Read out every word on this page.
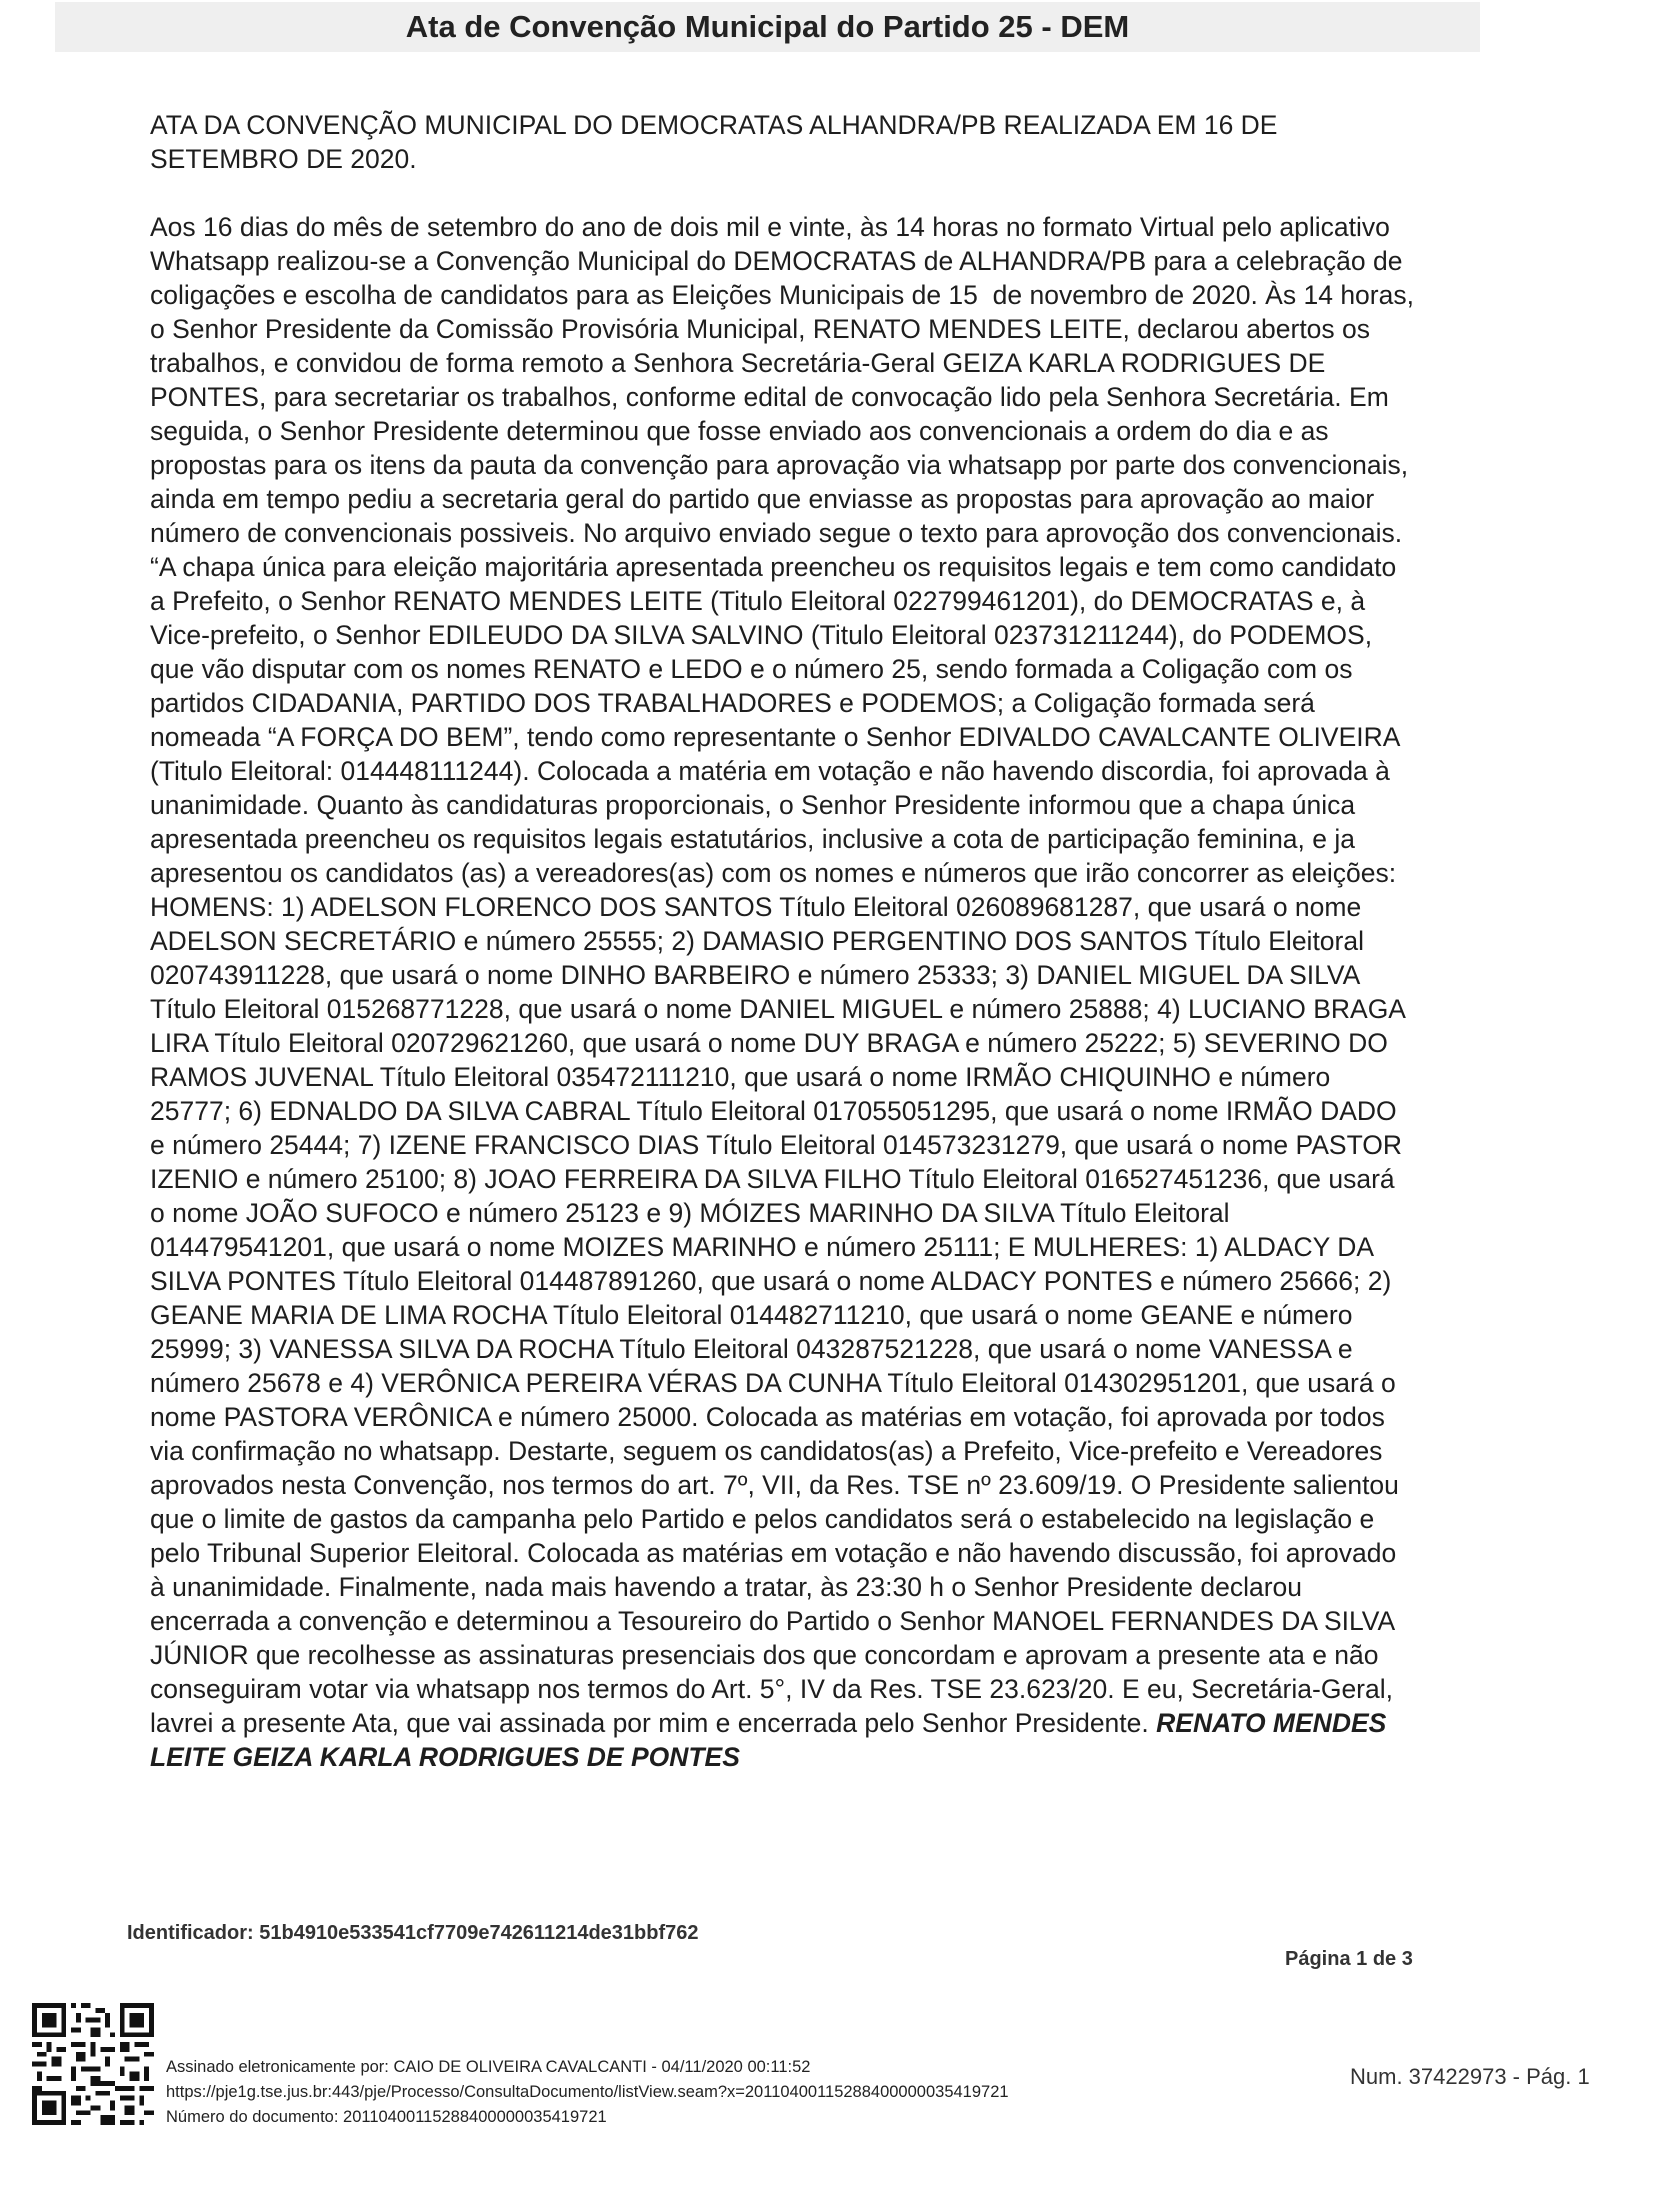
Ata de Convenção Municipal do Partido 25 - DEM

ATA DA CONVENÇÃO MUNICIPAL DO DEMOCRATAS ALHANDRA/PB REALIZADA EM 16 DE SETEMBRO DE 2020.

Aos 16 dias do mês de setembro do ano de dois mil e vinte, às 14 horas no formato Virtual pelo aplicativo Whatsapp realizou-se a Convenção Municipal do DEMOCRATAS de ALHANDRA/PB para a celebração de coligações e escolha de candidatos para as Eleições Municipais de 15  de novembro de 2020. Às 14 horas, o Senhor Presidente da Comissão Provisória Municipal, RENATO MENDES LEITE, declarou abertos os trabalhos, e convidou de forma remoto a Senhora Secretária-Geral GEIZA KARLA RODRIGUES DE PONTES, para secretariar os trabalhos, conforme edital de convocação lido pela Senhora Secretária. Em seguida, o Senhor Presidente determinou que fosse enviado aos convencionais a ordem do dia e as propostas para os itens da pauta da convenção para aprovação via whatsapp por parte dos convencionais, ainda em tempo pediu a secretaria geral do partido que enviasse as propostas para aprovação ao maior número de convencionais possiveis. No arquivo enviado segue o texto para aprovoção dos convencionais. “A chapa única para eleição majoritária apresentada preencheu os requisitos legais e tem como candidato a Prefeito, o Senhor RENATO MENDES LEITE (Titulo Eleitoral 022799461201), do DEMOCRATAS e, à Vice-prefeito, o Senhor EDILEUDO DA SILVA SALVINO (Titulo Eleitoral 023731211244), do PODEMOS, que vão disputar com os nomes RENATO e LEDO e o número 25, sendo formada a Coligação com os partidos CIDADANIA, PARTIDO DOS TRABALHADORES e PODEMOS; a Coligação formada será nomeada “A FORÇA DO BEM”, tendo como representante o Senhor EDIVALDO CAVALCANTE OLIVEIRA (Titulo Eleitoral: 014448111244). Colocada a matéria em votação e não havendo discordia, foi aprovada à unanimidade. Quanto às candidaturas proporcionais, o Senhor Presidente informou que a chapa única apresentada preencheu os requisitos legais estatutários, inclusive a cota de participação feminina, e ja apresentou os candidatos (as) a vereadores(as) com os nomes e números que irão concorrer as eleições: HOMENS: 1) ADELSON FLORENCO DOS SANTOS Título Eleitoral 026089681287, que usará o nome ADELSON SECRETÁRIO e número 25555; 2) DAMASIO PERGENTINO DOS SANTOS Título Eleitoral 020743911228, que usará o nome DINHO BARBEIRO e número 25333; 3) DANIEL MIGUEL DA SILVA Título Eleitoral 015268771228, que usará o nome DANIEL MIGUEL e número 25888; 4) LUCIANO BRAGA LIRA Título Eleitoral 020729621260, que usará o nome DUY BRAGA e número 25222; 5) SEVERINO DO RAMOS JUVENAL Título Eleitoral 035472111210, que usará o nome IRMÃO CHIQUINHO e número 25777; 6) EDNALDO DA SILVA CABRAL Título Eleitoral 017055051295, que usará o nome IRMÃO DADO e número 25444; 7) IZENE FRANCISCO DIAS Título Eleitoral 014573231279, que usará o nome PASTOR IZENIO e número 25100; 8) JOAO FERREIRA DA SILVA FILHO Título Eleitoral 016527451236, que usará o nome JOÃO SUFOCO e número 25123 e 9) MÓIZES MARINHO DA SILVA Título Eleitoral 014479541201, que usará o nome MOIZES MARINHO e número 25111; E MULHERES: 1) ALDACY DA SILVA PONTES Título Eleitoral 014487891260, que usará o nome ALDACY PONTES e número 25666; 2) GEANE MARIA DE LIMA ROCHA Título Eleitoral 014482711210, que usará o nome GEANE e número 25999; 3) VANESSA SILVA DA ROCHA Título Eleitoral 043287521228, que usará o nome VANESSA e número 25678 e 4) VERÔNICA PEREIRA VÉRAS DA CUNHA Título Eleitoral 014302951201, que usará o nome PASTORA VERÔNICA e número 25000. Colocada as matérias em votação, foi aprovada por todos via confirmação no whatsapp. Destarte, seguem os candidatos(as) a Prefeito, Vice-prefeito e Vereadores aprovados nesta Convenção, nos termos do art. 7º, VII, da Res. TSE nº 23.609/19. O Presidente salientou que o limite de gastos da campanha pelo Partido e pelos candidatos será o estabelecido na legislação e pelo Tribunal Superior Eleitoral. Colocada as matérias em votação e não havendo discussão, foi aprovado à unanimidade. Finalmente, nada mais havendo a tratar, às 23:30 h o Senhor Presidente declarou encerrada a convenção e determinou a Tesoureiro do Partido o Senhor MANOEL FERNANDES DA SILVA JÚNIOR que recolhesse as assinaturas presenciais dos que concordam e aprovam a presente ata e não conseguiram votar via whatsapp nos termos do Art. 5°, IV da Res. TSE 23.623/20. E eu, Secretária-Geral, lavrei a presente Ata, que vai assinada por mim e encerrada pelo Senhor Presidente. RENATO MENDES LEITE GEIZA KARLA RODRIGUES DE PONTES

Identificador: 51b4910e533541cf7709e742611214de31bbf762
Página 1 de 3
Assinado eletronicamente por: CAIO DE OLIVEIRA CAVALCANTI - 04/11/2020 00:11:52
https://pje1g.tse.jus.br:443/pje/Processo/ConsultaDocumento/listView.seam?x=20110400115288400000035419721
Número do documento: 20110400115288400000035419721
Num. 37422973 - Pág. 1
